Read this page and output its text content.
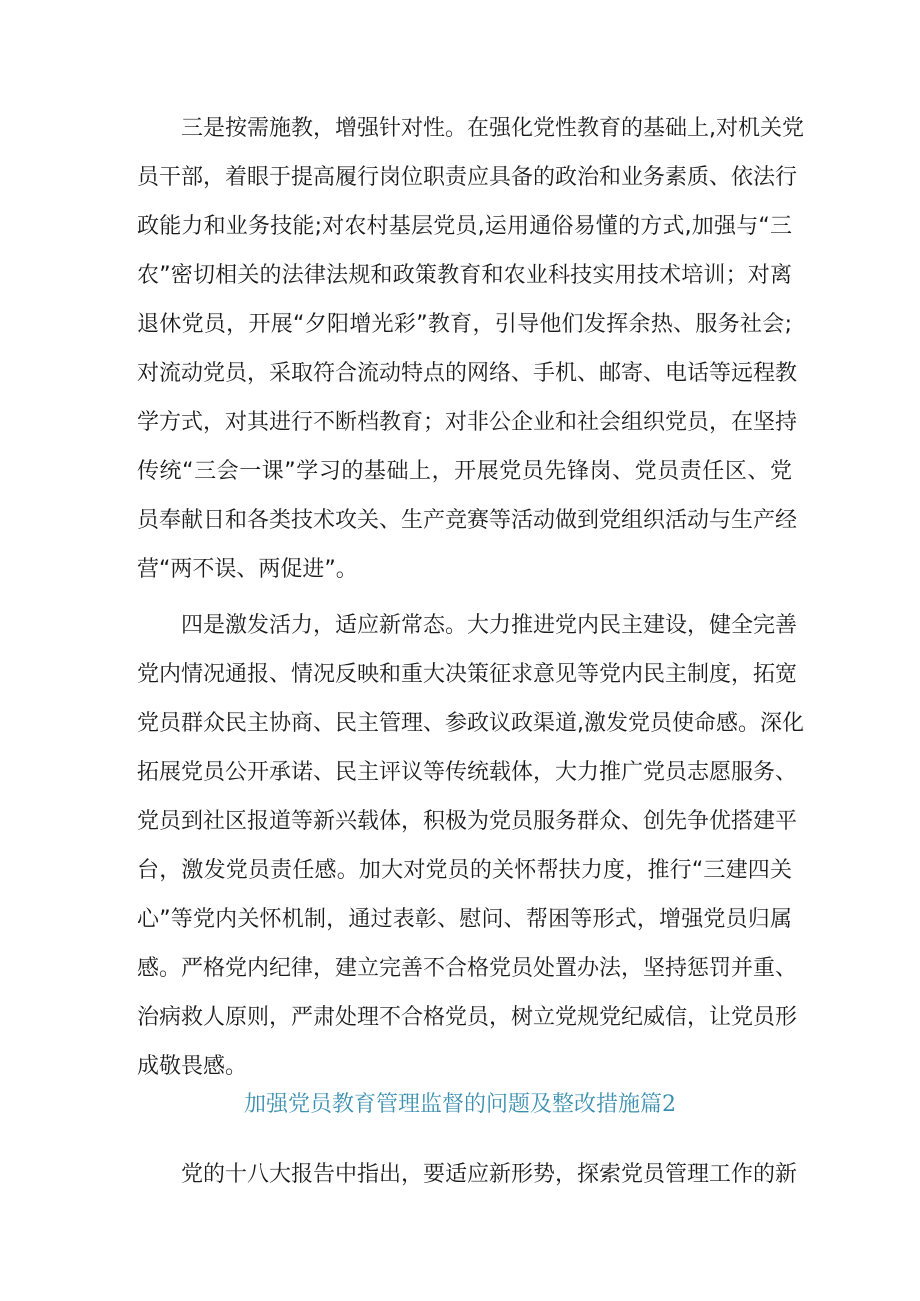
三是按需施教，增强针对性。在强化党性教育的基础上,对机关党
员干部，着眼于提高履行岗位职责应具备的政治和业务素质、依法行
政能力和业务技能;对农村基层党员,运用通俗易懂的方式,加强与“三
农”密切相关的法律法规和政策教育和农业科技实用技术培训；对离
退休党员，开展“夕阳增光彩”教育，引导他们发挥余热、服务社会;
对流动党员，采取符合流动特点的网络、手机、邮寄、电话等远程教
学方式，对其进行不断档教育；对非公企业和社会组织党员，在坚持
传统“三会一课”学习的基础上，开展党员先锋岗、党员责任区、党
员奉献日和各类技术攻关、生产竞赛等活动做到党组织活动与生产经
营“两不误、两促进”。
四是激发活力，适应新常态。大力推进党内民主建设，健全完善
党内情况通报、情况反映和重大决策征求意见等党内民主制度，拓宽
党员群众民主协商、民主管理、参政议政渠道,激发党员使命感。深化
拓展党员公开承诺、民主评议等传统载体，大力推广党员志愿服务、
党员到社区报道等新兴载体，积极为党员服务群众、创先争优搭建平
台，激发党员责任感。加大对党员的关怀帮扶力度，推行“三建四关
心”等党内关怀机制，通过表彰、慰问、帮困等形式，增强党员归属
感。严格党内纪律，建立完善不合格党员处置办法，坚持惩罚并重、
治病救人原则，严肃处理不合格党员，树立党规党纪威信，让党员形
成敬畏感。
加强党员教育管理监督的问题及整改措施篇2
党的十八大报告中指出，要适应新形势，探索党员管理工作的新
